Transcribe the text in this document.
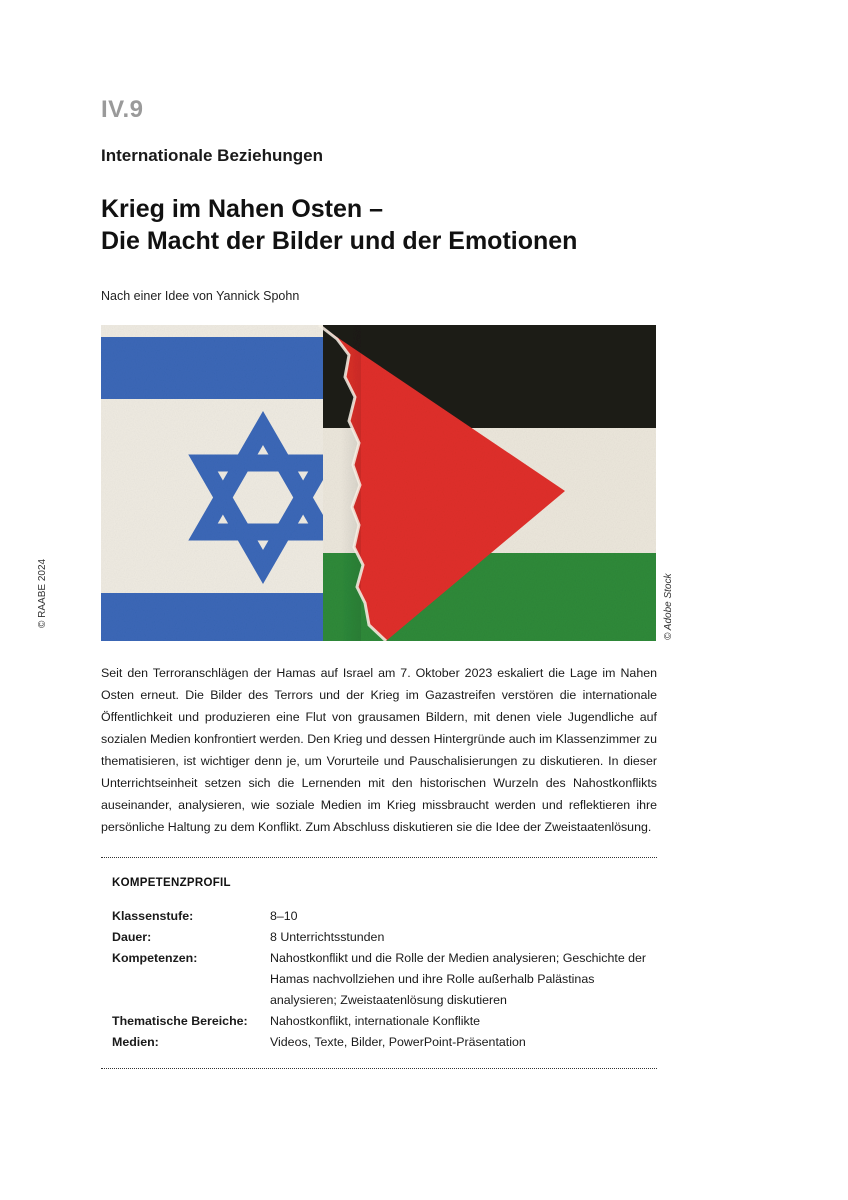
IV.9
Internationale Beziehungen
Krieg im Nahen Osten –
Die Macht der Bilder und der Emotionen
Nach einer Idee von Yannick Spohn
© RAABE 2024	© Adobe Stock

Seit den Terroranschlägen der Hamas auf Israel am 7. Oktober 2023 eskaliert die Lage im Nahen Osten erneut. Die Bilder des Terrors und der Krieg im Gazastreifen verstören die internationale Öffentlichkeit und produzieren eine Flut von grausamen Bildern, mit denen viele Jugendliche auf sozialen Medien konfrontiert werden. Den Krieg und dessen Hintergründe auch im Klassenzimmer zu thematisieren, ist wichtiger denn je, um Vorurteile und Pauschalisierungen zu diskutieren. In dieser Unterrichtseinheit setzen sich die Lernenden mit den historischen Wurzeln des Nahostkonflikts auseinander, analysieren, wie soziale Medien im Krieg missbraucht werden und reflektieren ihre persönliche Haltung zu dem Konflikt. Zum Abschluss diskutieren sie die Idee der Zweistaatenlösung.

KOMPETENZPROFIL
Klassenstufe:	8–10
Dauer:	8 Unterrichtsstunden
Kompetenzen:	Nahostkonflikt und die Rolle der Medien analysieren; Geschichte der Hamas nachvollziehen und ihre Rolle außerhalb Palästinas analysieren; Zweistaatenlösung diskutieren
Thematische Bereiche:	Nahostkonflikt, internationale Konflikte
Medien:	Videos, Texte, Bilder, PowerPoint-Präsentation
